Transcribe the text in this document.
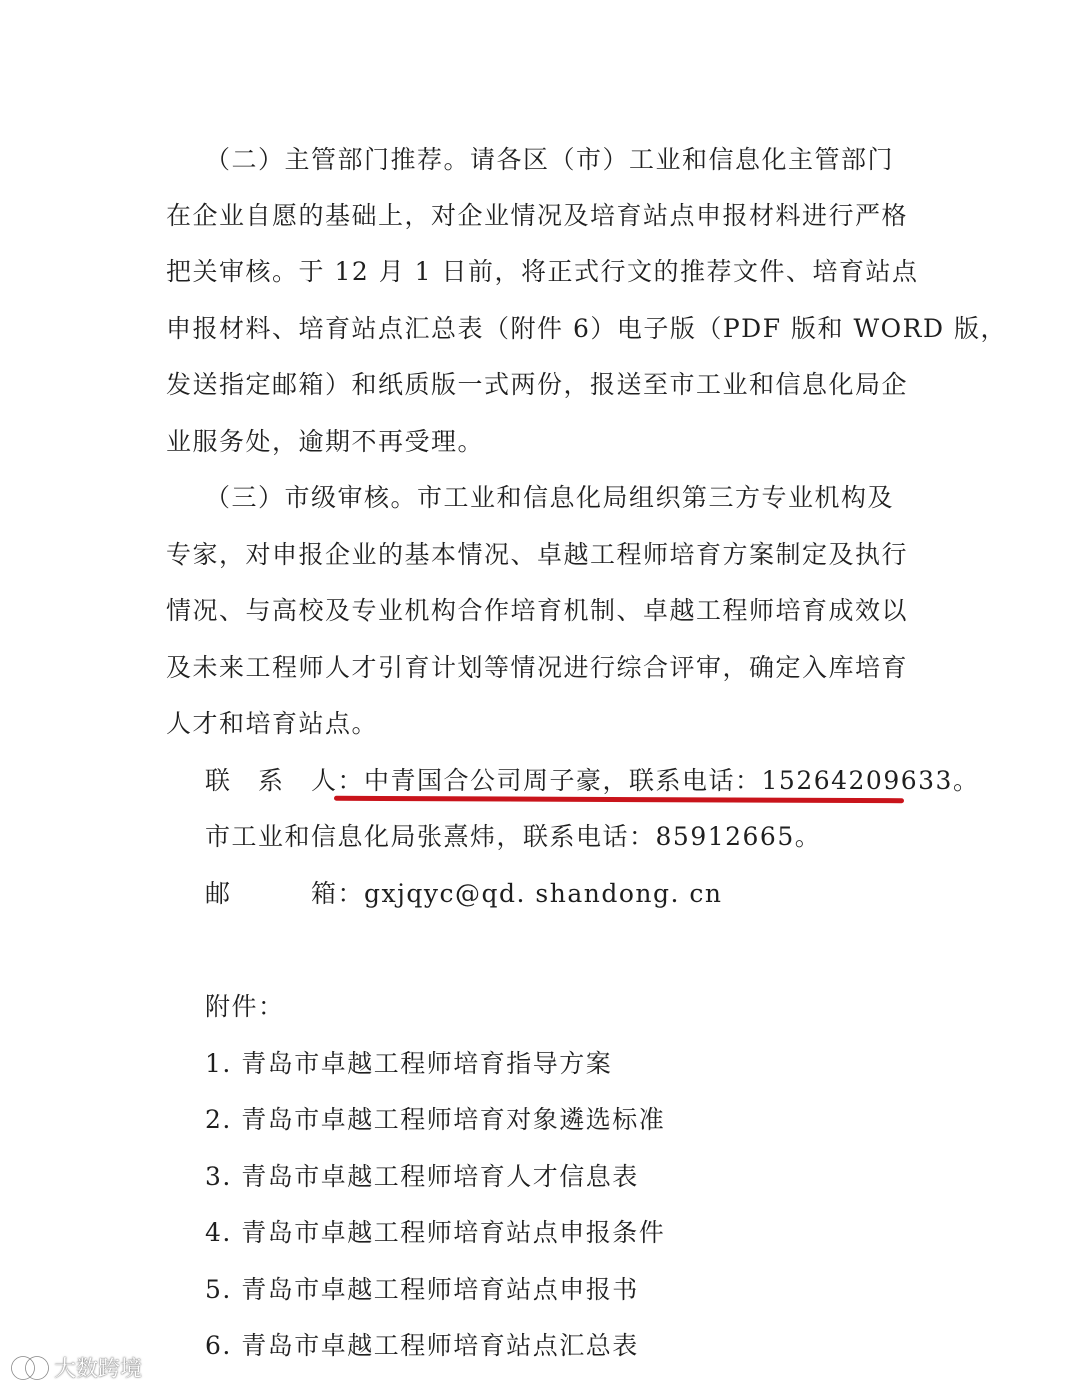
（二）主管部门推荐。请各区（市）工业和信息化主管部门
在企业自愿的基础上，对企业情况及培育站点申报材料进行严格
把关审核。于 12 月 1 日前，将正式行文的推荐文件、培育站点
申报材料、培育站点汇总表（附件 6）电子版（PDF 版和 WORD 版，
发送指定邮箱）和纸质版一式两份，报送至市工业和信息化局企
业服务处，逾期不再受理。
（三）市级审核。市工业和信息化局组织第三方专业机构及
专家，对申报企业的基本情况、卓越工程师培育方案制定及执行
情况、与高校及专业机构合作培育机制、卓越工程师培育成效以
及未来工程师人才引育计划等情况进行综合评审，确定入库培育
人才和培育站点。
联　系　人：中青国合公司周子豪，联系电话：15264209633。
市工业和信息化局张熹炜，联系电话：85912665。
邮　　　箱：gxjqyc@qd. shandong. cn
附件：
1. 青岛市卓越工程师培育指导方案
2. 青岛市卓越工程师培育对象遴选标准
3. 青岛市卓越工程师培育人才信息表
4. 青岛市卓越工程师培育站点申报条件
5. 青岛市卓越工程师培育站点申报书
6. 青岛市卓越工程师培育站点汇总表
大数跨境
